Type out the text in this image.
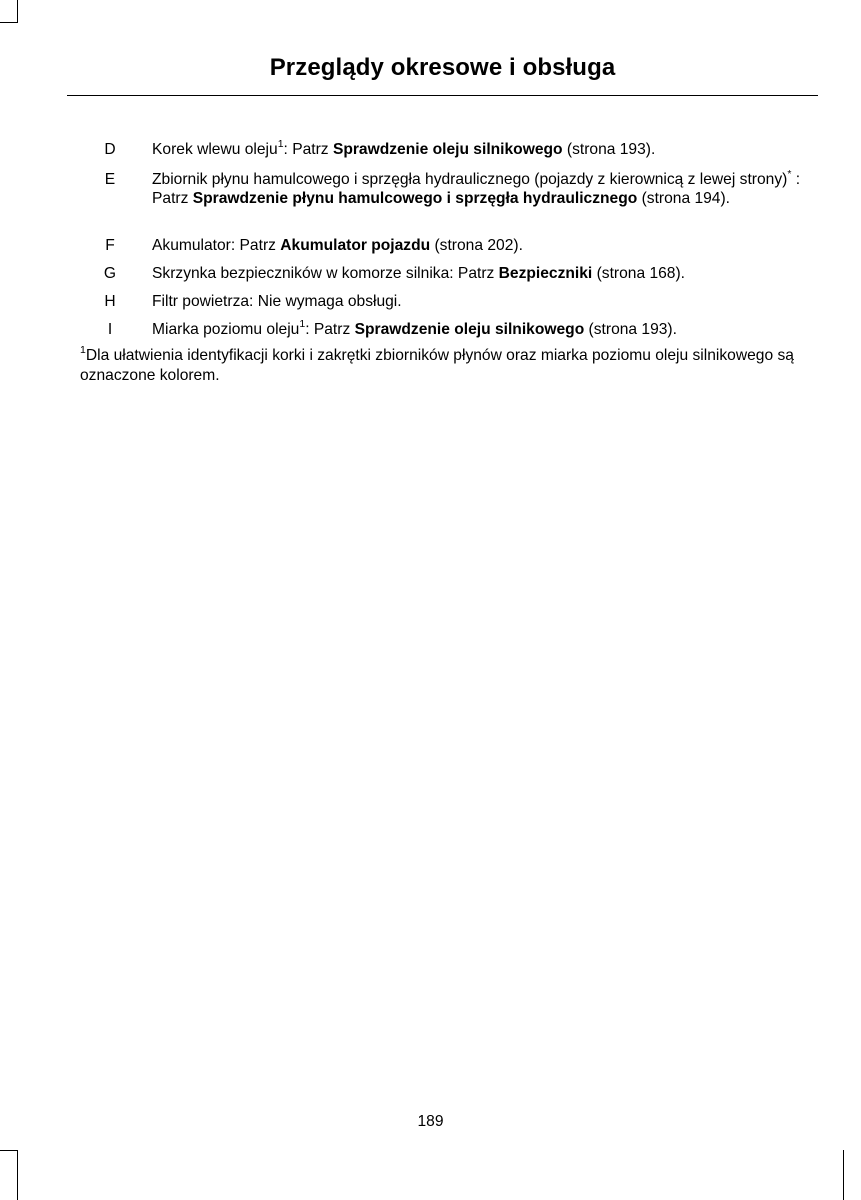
Przeglądy okresowe i obsługa
D	Korek wlewu oleju$^1$: Patrz Sprawdzenie oleju silnikowego (strona 193).
E	Zbiornik płynu hamulcowego i sprzęgła hydraulicznego (pojazdy z kierownicą z lewej strony)* : Patrz Sprawdzenie płynu hamulcowego i sprzęgła hydraulicznego (strona 194).
F	Akumulator: Patrz Akumulator pojazdu (strona 202).
G	Skrzynka bezpieczników w komorze silnika: Patrz Bezpieczniki (strona 168).
H	Filtr powietrza: Nie wymaga obsługi.
I	Miarka poziomu oleju$^1$: Patrz Sprawdzenie oleju silnikowego (strona 193).
$^1$Dla ułatwienia identyfikacji korki i zakrętki zbiorników płynów oraz miarka poziomu oleju silnikowego są oznaczone kolorem.
189
